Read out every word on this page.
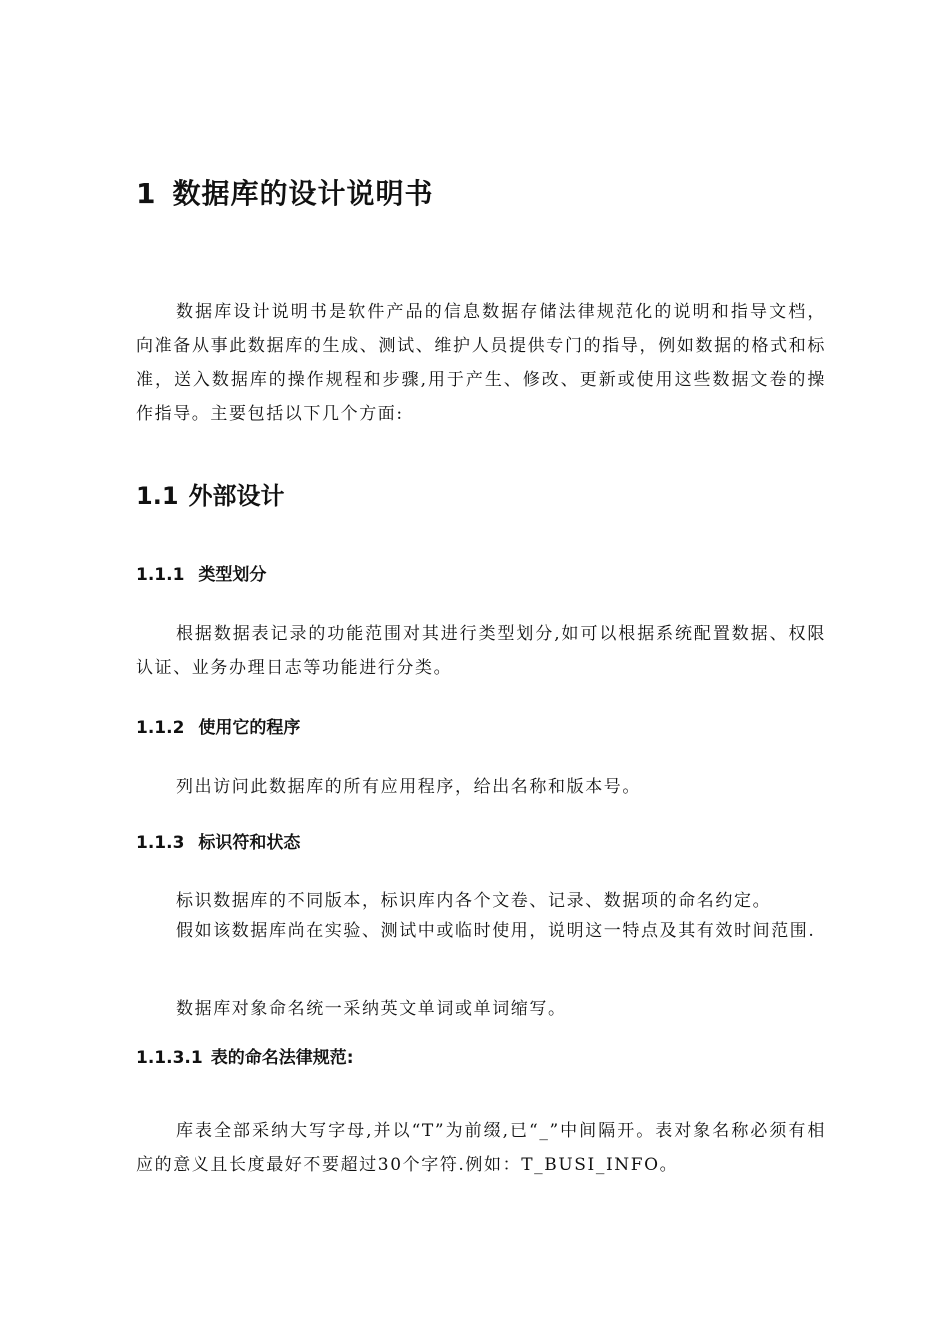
1 数据库的设计说明书
数据库设计说明书是软件产品的信息数据存储法律规范化的说明和指导文档，向准备从事此数据库的生成、测试、维护人员提供专门的指导，例如数据的格式和标准，送入数据库的操作规程和步骤,用于产生、修改、更新或使用这些数据文卷的操作指导。主要包括以下几个方面:
1.1 外部设计
1.1.1 类型划分
根据数据表记录的功能范围对其进行类型划分,如可以根据系统配置数据、权限认证、业务办理日志等功能进行分类。
1.1.2 使用它的程序
列出访问此数据库的所有应用程序，给出名称和版本号。
1.1.3 标识符和状态
标识数据库的不同版本，标识库内各个文卷、记录、数据项的命名约定。
假如该数据库尚在实验、测试中或临时使用，说明这一特点及其有效时间范围.
数据库对象命名统一采纳英文单词或单词缩写。
1.1.3.1 表的命名法律规范:
库表全部采纳大写字母,并以“T”为前缀,已“_”中间隔开。表对象名称必须有相应的意义且长度最好不要超过30个字符.例如：T_BUSI_INFO。
